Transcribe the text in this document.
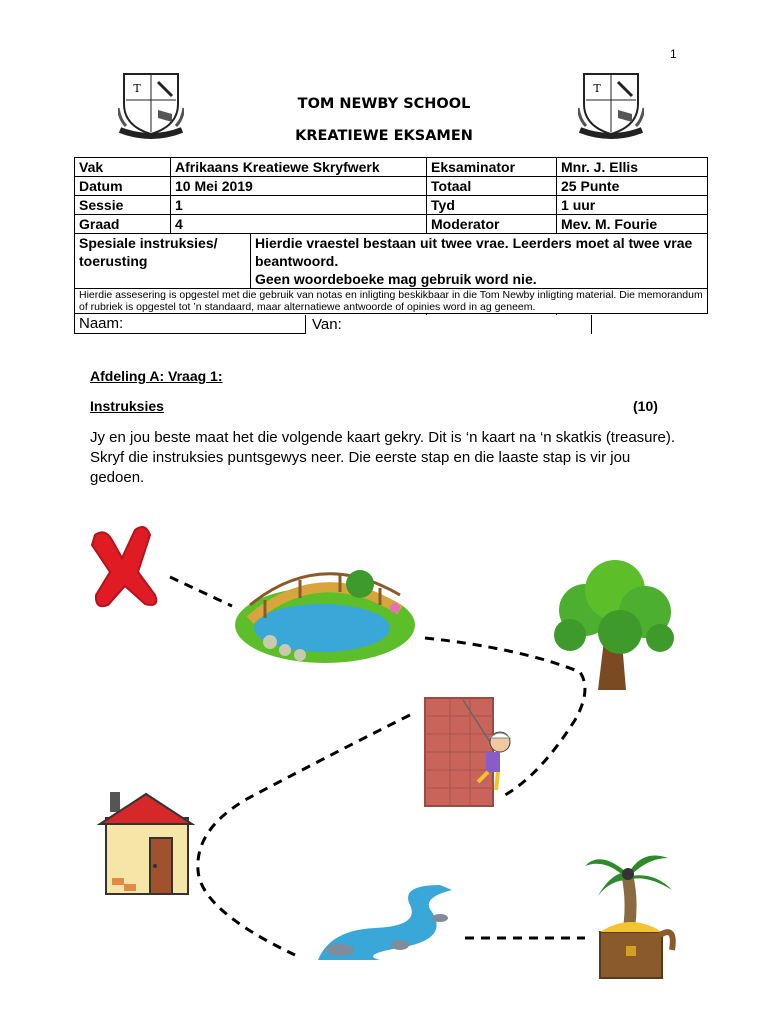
1
T	T
TOM NEWBY SCHOOL
KREATIEWE EKSAMEN
Vak	Afrikaans Kreatiewe Skryfwerk		Eksaminator	Mnr. J. Ellis
Datum	10 Mei 2019		Totaal	25 Punte
Sessie	1		Tyd	1 uur
Graad	4		Moderator	Mev. M. Fourie
Spesiale instruksies/ toerusting		Hierdie vraestel bestaan uit twee vrae. Leerders moet al twee vrae beantwoord.
Geen woordeboeke mag gebruik word nie.		

Hierdie assesering is opgestel met die gebruik van notas en inligting beskikbaar in die Tom Newby inligting material. Die memorandum of rubriek is opgestel tot ’n standaard, maar alternatiewe antwoorde of opinies word in ag geneem.				
Naam:		Van:
Afdeling A: Vraag 1:
Instruksies	(10)
Jy en jou beste maat het die volgende kaart gekry. Dit is ‘n kaart na ‘n skatkis (treasure). Skryf die instruksies puntsgewys neer. Die eerste stap en die laaste stap is vir jou gedoen.
